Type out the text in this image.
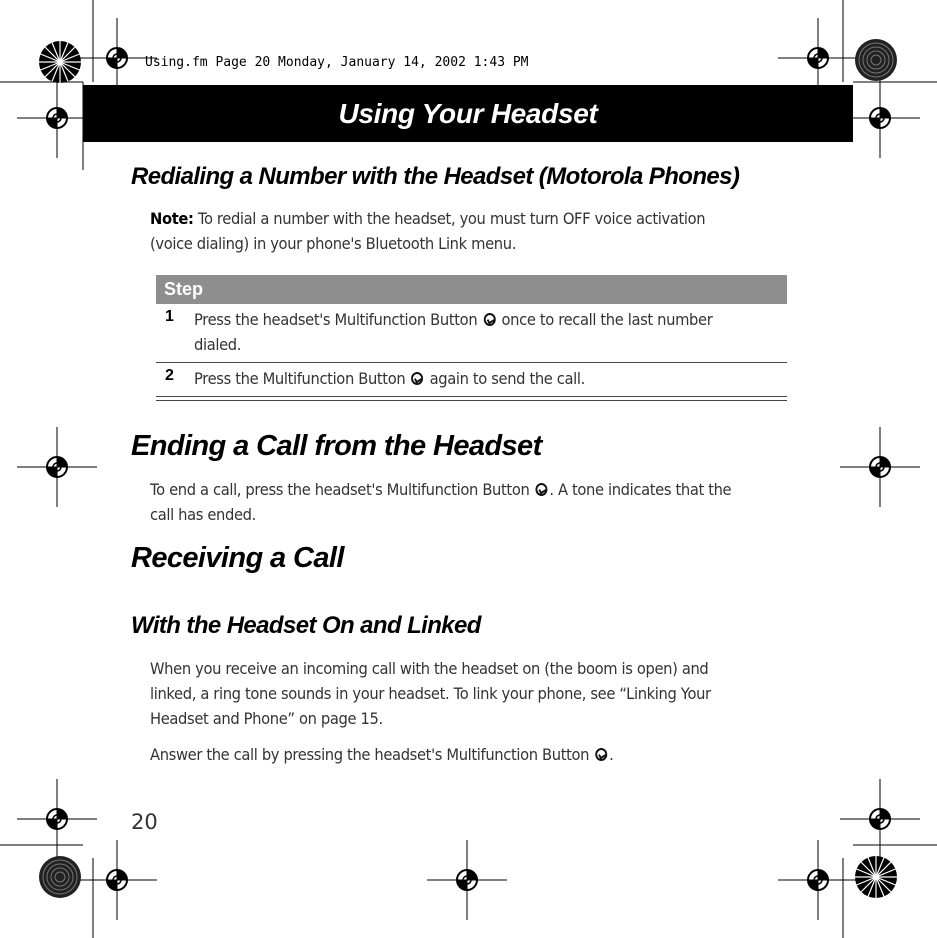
Using.fm Page 20 Monday, January 14, 2002 1:43 PM
Using Your Headset
Redialing a Number with the Headset (Motorola Phones)

Note: To redial a number with the headset, you must turn OFF voice activation
(voice dialing) in your phone's Bluetooth Link menu.

Step
1 Press the headset's Multifunction Button  once to recall the last number
dialed.

2 Press the Multifunction Button  again to send the call.

Ending a Call from the Headset

To end a call, press the headset's Multifunction Button . A tone indicates that the
call has ended.

Receiving a Call
With the Headset On and Linked

When you receive an incoming call with the headset on (the boom is open) and
linked, a ring tone sounds in your headset. To link your phone, see “Linking Your
Headset and Phone” on page 15.

Answer the call by pressing the headset's Multifunction Button .

20
